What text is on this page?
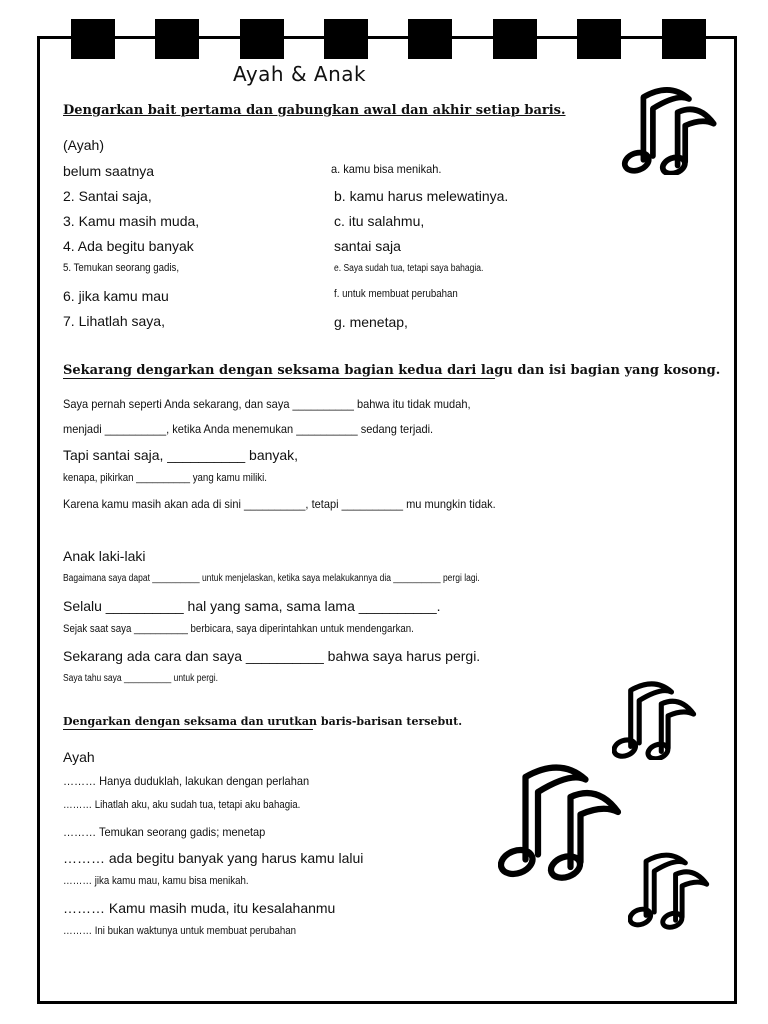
Ayah & Anak
Dengarkan bait pertama dan gabungkan awal dan akhir setiap baris.
(Ayah)
belum saatnya
2. Santai saja,
3. Kamu masih muda,
4. Ada begitu banyak
5. Temukan seorang gadis,
6. jika kamu mau
7. Lihatlah saya,
a. kamu bisa menikah.
b. kamu harus melewatinya.
c. itu salahmu,
santai saja
e. Saya sudah tua, tetapi saya bahagia.
f. untuk membuat perubahan
g. menetap,
Sekarang dengarkan dengan seksama bagian kedua dari lagu dan isi bagian yang kosong.
Saya pernah seperti Anda sekarang, dan saya __________ bahwa itu tidak mudah,
menjadi __________, ketika Anda menemukan __________ sedang terjadi.
Tapi santai saja, __________ banyak,
kenapa, pikirkan __________ yang kamu miliki.
Karena kamu masih akan ada di sini __________, tetapi __________ mu mungkin tidak.
Anak laki-laki
Bagaimana saya dapat __________ untuk menjelaskan, ketika saya melakukannya dia __________ pergi lagi.
Selalu __________ hal yang sama, sama lama __________.
Sejak saat saya __________ berbicara, saya diperintahkan untuk mendengarkan.
Sekarang ada cara dan saya __________ bahwa saya harus pergi.
Saya tahu saya __________ untuk pergi.
Dengarkan dengan seksama dan urutkan baris-barisan tersebut.
Ayah
……… Hanya duduklah, lakukan dengan perlahan
……… Lihatlah aku, aku sudah tua, tetapi aku bahagia.
……… Temukan seorang gadis; menetap
……… ada begitu banyak yang harus kamu lalui
……… jika kamu mau, kamu bisa menikah.
……… Kamu masih muda, itu kesalahanmu
……… Ini bukan waktunya untuk membuat perubahan
